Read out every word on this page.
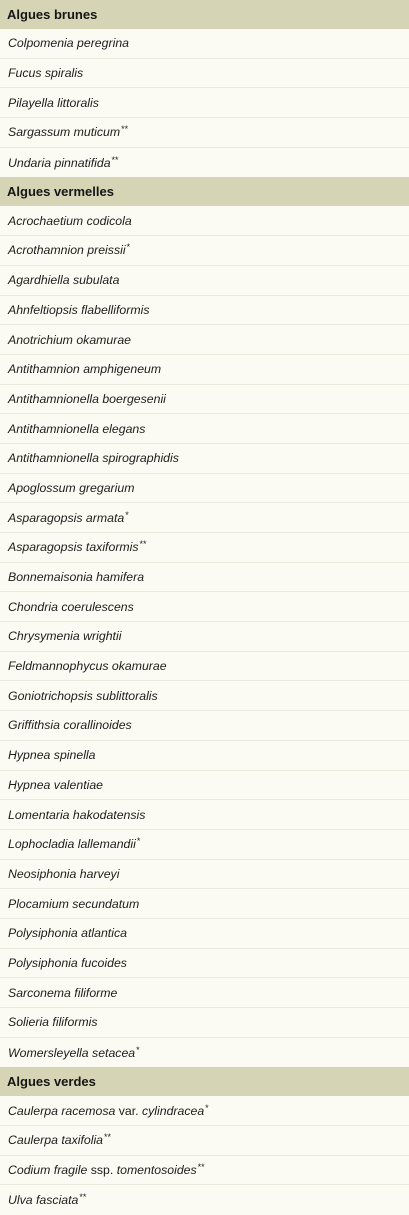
Algues brunes
Colpomenia peregrina
Fucus spiralis
Pilayella littoralis
Sargassum muticum **
Undaria pinnatifida **
Algues vermelles
Acrochaetium codicola
Acrothamnion preissii *
Agardhiella subulata
Ahnfeltiopsis flabelliformis
Anotrichium okamurae
Antithamnion amphigeneum
Antithamnionella boergesenii
Antithamnionella elegans
Antithamnionella spirographidis
Apoglossum gregarium
Asparagopsis armata *
Asparagopsis taxiformis **
Bonnemaisonia hamifera
Chondria coerulescens
Chrysymenia wrightii
Feldmannophycus okamurae
Goniotrichopsis sublittoralis
Griffithsia corallinoides
Hypnea spinella
Hypnea valentiae
Lomentaria hakodatensis
Lophocladia lallemandii *
Neosiphonia harveyi
Plocamium secundatum
Polysiphonia atlantica
Polysiphonia fucoides
Sarconema filiforme
Solieria filiformis
Womersleyella setacea *
Algues verdes
Caulerpa racemosa var. cylindracea *
Caulerpa taxifolia **
Codium fragile ssp. tomentosoides **
Ulva fasciata **
